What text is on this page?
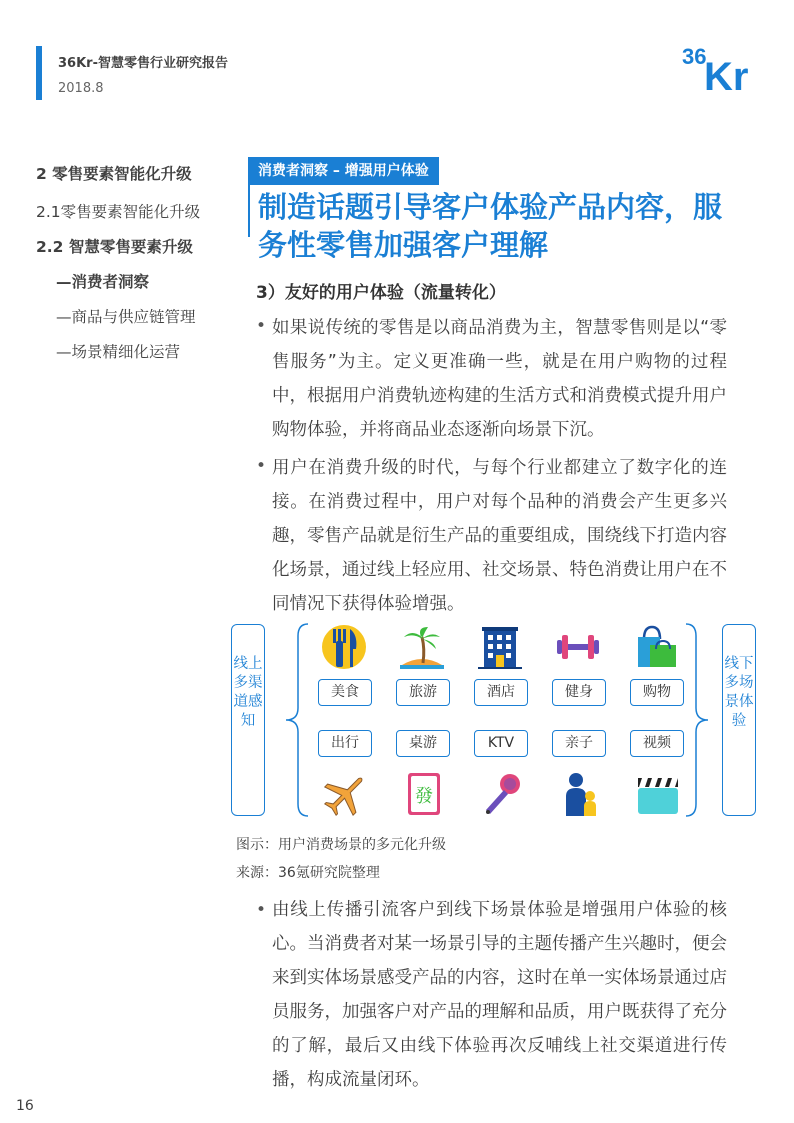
36Kr-智慧零售行业研究报告
2018.8
36
Kr
2 零售要素智能化升级
2.1零售要素智能化升级
2.2 智慧零售要素升级
—消费者洞察
—商品与供应链管理
—场景精细化运营
消费者洞察 – 增强用户体验
制造话题引导客户体验产品内容，服务性零售加强客户理解
3）友好的用户体验（流量转化）
• 如果说传统的零售是以商品消费为主，智慧零售则是以“零售服务”为主。定义更准确一些，就是在用户购物的过程中，根据用户消费轨迹构建的生活方式和消费模式提升用户购物体验，并将商品业态逐渐向场景下沉。
• 用户在消费升级的时代，与每个行业都建立了数字化的连接。在消费过程中，用户对每个品种的消费会产生更多兴趣，零售产品就是衍生产品的重要组成，围绕线下打造内容化场景，通过线上轻应用、社交场景、特色消费让用户在不同情况下获得体验增强。
线上多渠道感知
线下多场景体验
美食	旅游	酒店	健身	购物
出行	桌游	KTV	亲子	视频
發
图示：用户消费场景的多元化升级
来源：36氪研究院整理
• 由线上传播引流客户到线下场景体验是增强用户体验的核心。当消费者对某一场景引导的主题传播产生兴趣时，便会来到实体场景感受产品的内容，这时在单一实体场景通过店员服务，加强客户对产品的理解和品质，用户既获得了充分的了解，最后又由线下体验再次反哺线上社交渠道进行传播，构成流量闭环。
16
